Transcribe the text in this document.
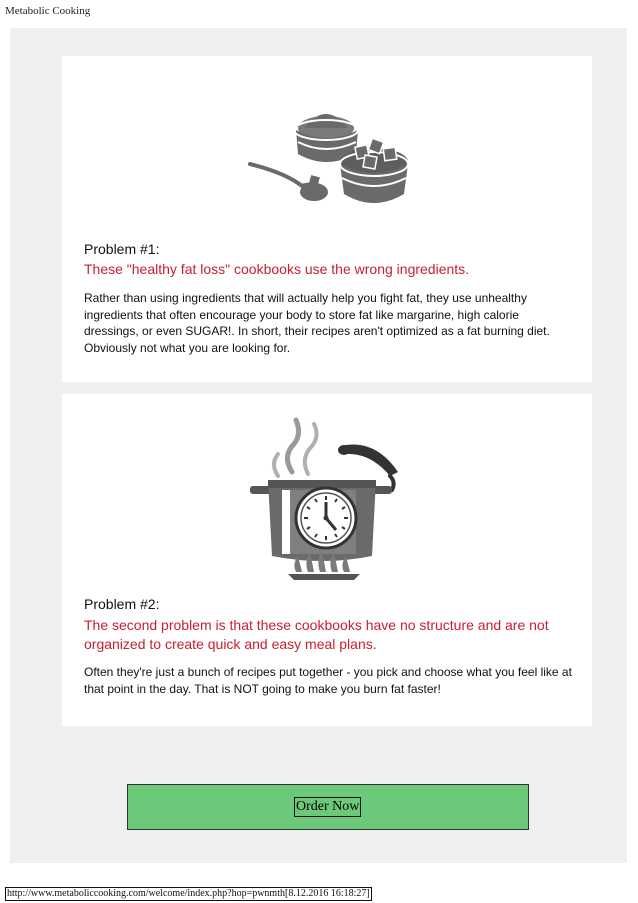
Metabolic Cooking
Problem #1:
These "healthy fat loss" cookbooks use the wrong ingredients.
Rather than using ingredients that will actually help you fight fat, they use unhealthy ingredients that often encourage your body to store fat like margarine, high calorie dressings, or even SUGAR!. In short, their recipes aren't optimized as a fat burning diet. Obviously not what you are looking for.
Problem #2:
The second problem is that these cookbooks have no structure and are not organized to create quick and easy meal plans.
Often they're just a bunch of recipes put together - you pick and choose what you feel like at that point in the day. That is NOT going to make you burn fat faster!
Order Now
http://www.metaboliccooking.com/welcome/index.php?hop=pwnmth[8.12.2016 16:18:27]
